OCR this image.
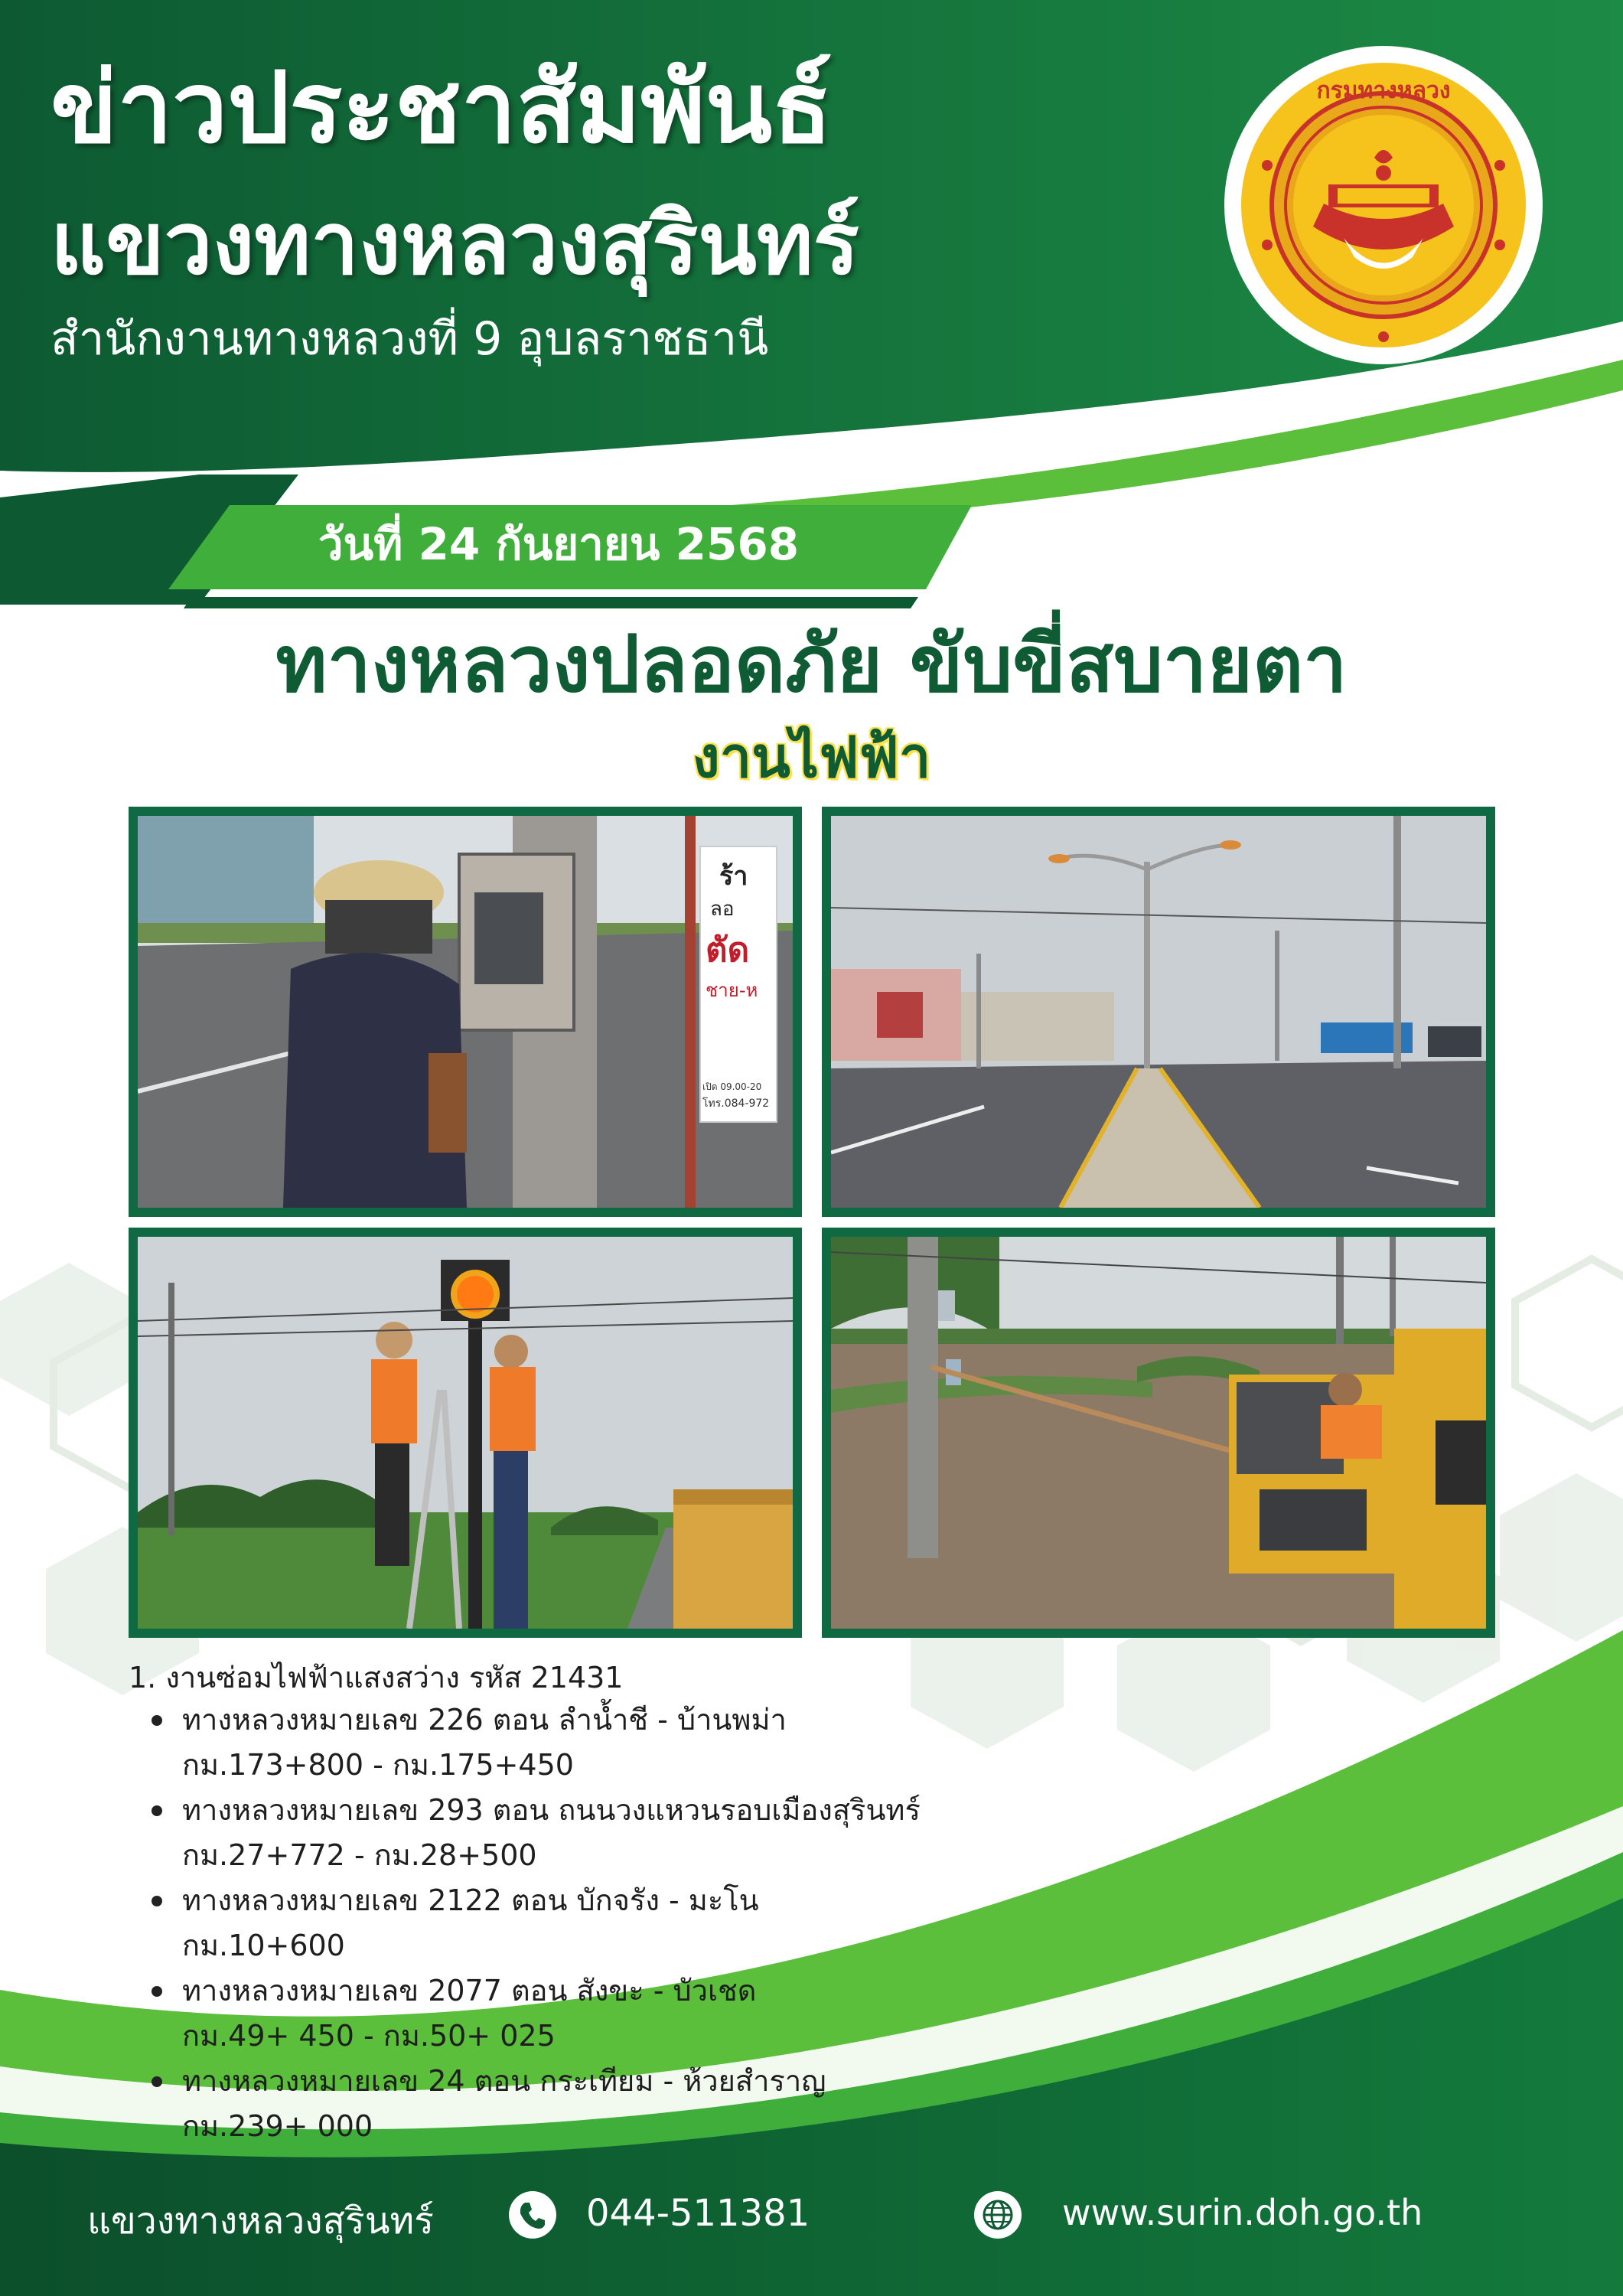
ข่าวประชาสัมพันธ์
แขวงทางหลวงสุรินทร์
สำนักงานทางหลวงที่ 9 อุบลราชธานี
กรมทางหลวง
วันที่ 24 กันยายน 2568
ทางหลวงปลอดภัย ขับขี่สบายตา
งานไฟฟ้า
ร้า
ลอ
ตัด
ชาย-ห
เปิด 09.00-20
โทร.084-972
1. งานซ่อมไฟฟ้าแสงสว่าง รหัส 21431
ทางหลวงหมายเลข 226 ตอน ลำน้ำชี - บ้านพม่า
กม.173+800 - กม.175+450
ทางหลวงหมายเลข 293 ตอน ถนนวงแหวนรอบเมืองสุรินทร์
กม.27+772 - กม.28+500
ทางหลวงหมายเลข 2122 ตอน บักจรัง - มะโน
กม.10+600
ทางหลวงหมายเลข 2077 ตอน สังขะ - บัวเชด
กม.49+ 450 - กม.50+ 025
ทางหลวงหมายเลข 24 ตอน กระเทียม - ห้วยสำราญ
กม.239+ 000
แขวงทางหลวงสุรินทร์	044-511381	www.surin.doh.go.th
